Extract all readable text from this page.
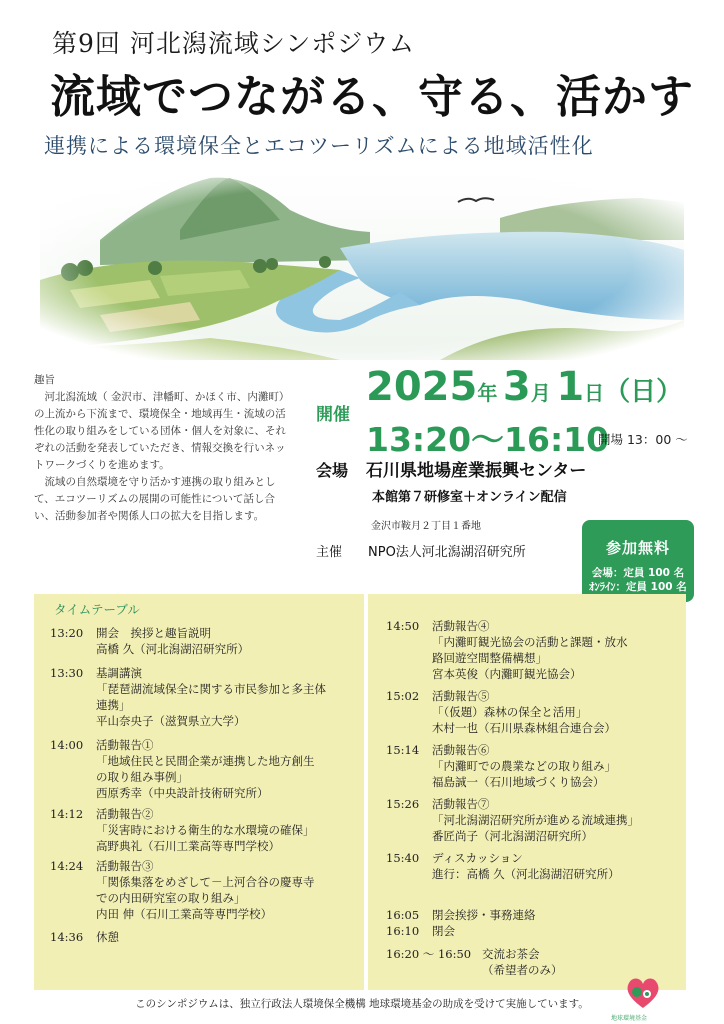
第9回 河北潟流域シンポジウム
流域でつながる、守る、活かす
連携による環境保全とエコツーリズムによる地域活性化

趣旨

河北潟流域（ 金沢市、津幡町、かほく市、内灘町）の上流から下流まで、環境保全・地域再生・流域の活性化の取り組みをしている団体・個人を対象に、それぞれの活動を発表していただき、情報交換を行いネットワークづくりを進めます。

流域の自然環境を守り活かす連携の取り組みとして、エコツーリズムの展開の可能性について話し合い、活動参加者や関係人口の拡大を目指します。

開催
2025年 3月 1日（日）
13:20〜16:10
開場 13：00 〜
会場 石川県地場産業振興センター
本館第７研修室＋オンライン配信
金沢市鞍月２丁目１番地
主催 NPO法人河北潟湖沼研究所	参加無料
会場：定員 100 名
ｵﾝﾗｲﾝ：定員 100 名
タイムテーブル
13:20 開会　挨拶と趣旨説明
高橋 久（河北潟湖沼研究所）
13:30 基調講演
「琵琶湖流域保全に関する市民参加と多主体
連携」
平山奈央子（滋賀県立大学）
14:00 活動報告①
「地域住民と民間企業が連携した地方創生
の取り組み事例」
西原秀幸（中央設計技術研究所）
14:12 活動報告②
「災害時における衛生的な水環境の確保」
高野典礼（石川工業高等専門学校）
14:24 活動報告③
「関係集落をめざして－上河合谷の慶専寺
での内田研究室の取り組み」
内田 伸（石川工業高等専門学校）
14:36 休憩
14:50 活動報告④
「内灘町観光協会の活動と課題・放水
路回遊空間整備構想」
宮本英俊（内灘町観光協会）
15:02 活動報告⑤
「（仮題）森林の保全と活用」
木村一也（石川県森林組合連合会）
15:14 活動報告⑥
「内灘町での農業などの取り組み」
福島誠一（石川地域づくり協会）
15:26 活動報告⑦
「河北潟湖沼研究所が進める流域連携」
番匠尚子（河北潟湖沼研究所）
15:40 ディスカッション
進行：高橋 久（河北潟湖沼研究所）
16:05 閉会挨拶・事務連絡
16:10 閉会
16:20 〜 16:50 交流お茶会
（希望者のみ）
このシンポジウムは、独立行政法人環境保全機構 地球環境基金の助成を受けて実施しています。
地球環境基金
